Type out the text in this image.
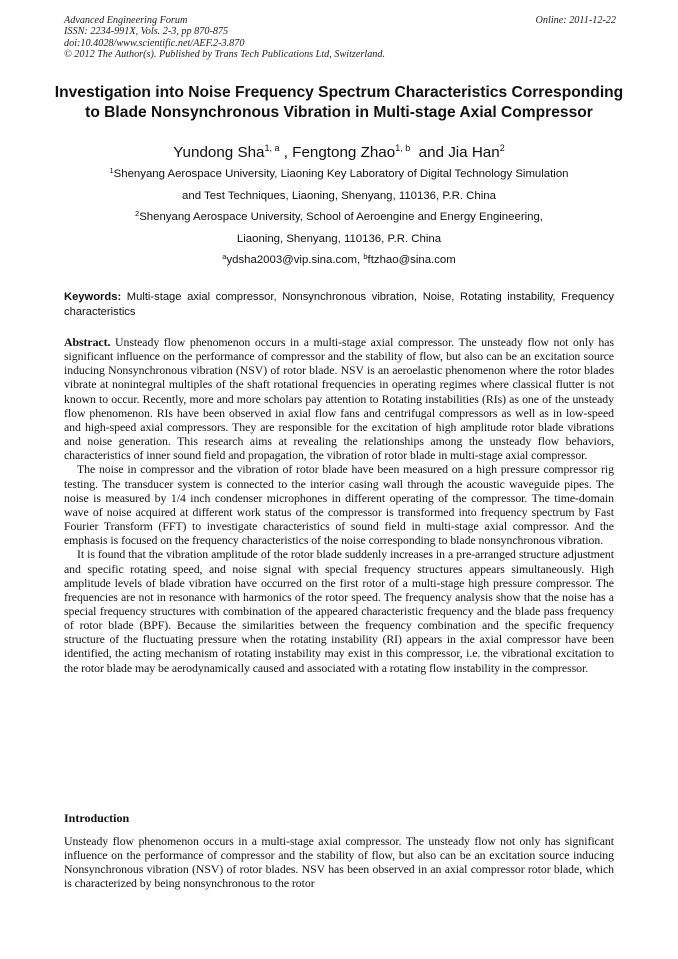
Advanced Engineering Forum
ISSN: 2234-991X, Vols. 2-3, pp 870-875
doi:10.4028/www.scientific.net/AEF.2-3.870
© 2012 The Author(s). Published by Trans Tech Publications Ltd, Switzerland.
Online: 2011-12-22
Investigation into Noise Frequency Spectrum Characteristics Corresponding to Blade Nonsynchronous Vibration in Multi-stage Axial Compressor
Yundong Sha$^{1, a}$ , Fengtong Zhao$^{1, b}$  and Jia Han$^2$
$^1$Shenyang Aerospace University, Liaoning Key Laboratory of Digital Technology Simulation
and Test Techniques, Liaoning, Shenyang, 110136, P.R. China
$^2$Shenyang Aerospace University, School of Aeroengine and Energy Engineering,
Liaoning, Shenyang, 110136, P.R. China
$^a$ydsha2003@vip.sina.com, $^b$ftzhao@sina.com
Keywords: Multi-stage axial compressor, Nonsynchronous vibration, Noise, Rotating instability, Frequency characteristics

Abstract. Unsteady flow phenomenon occurs in a multi-stage axial compressor. The unsteady flow not only has significant influence on the performance of compressor and the stability of flow, but also can be an excitation source inducing Nonsynchronous vibration (NSV) of rotor blade. NSV is an aeroelastic phenomenon where the rotor blades vibrate at nonintegral multiples of the shaft rotational frequencies in operating regimes where classical flutter is not known to occur. Recently, more and more scholars pay attention to Rotating instabilities (RIs) as one of the unsteady flow phenomenon. RIs have been observed in axial flow fans and centrifugal compressors as well as in low-speed and high-speed axial compressors. They are responsible for the excitation of high amplitude rotor blade vibrations and noise generation. This research aims at revealing the relationships among the unsteady flow behaviors, characteristics of inner sound field and propagation, the vibration of rotor blade in multi-stage axial compressor.

The noise in compressor and the vibration of rotor blade have been measured on a high pressure compressor rig testing. The transducer system is connected to the interior casing wall through the acoustic waveguide pipes. The noise is measured by 1/4 inch condenser microphones in different operating of the compressor. The time-domain wave of noise acquired at different work status of the compressor is transformed into frequency spectrum by Fast Fourier Transform (FFT) to investigate characteristics of sound field in multi-stage axial compressor. And the emphasis is focused on the frequency characteristics of the noise corresponding to blade nonsynchronous vibration.

It is found that the vibration amplitude of the rotor blade suddenly increases in a pre-arranged structure adjustment and specific rotating speed, and noise signal with special frequency structures appears simultaneously. High amplitude levels of blade vibration have occurred on the first rotor of a multi-stage high pressure compressor. The frequencies are not in resonance with harmonics of the rotor speed. The frequency analysis show that the noise has a special frequency structures with combination of the appeared characteristic frequency and the blade pass frequency of rotor blade (BPF). Because the similarities between the frequency combination and the specific frequency structure of the fluctuating pressure when the rotating instability (RI) appears in the axial compressor have been identified, the acting mechanism of rotating instability may exist in this compressor, i.e. the vibrational excitation to the rotor blade may be aerodynamically caused and associated with a rotating flow instability in the compressor.

Introduction

Unsteady flow phenomenon occurs in a multi-stage axial compressor. The unsteady flow not only has significant influence on the performance of compressor and the stability of flow, but also can be an excitation source inducing Nonsynchronous vibration (NSV) of rotor blades. NSV has been observed in an axial compressor rotor blade, which is characterized by being nonsynchronous to the rotor
